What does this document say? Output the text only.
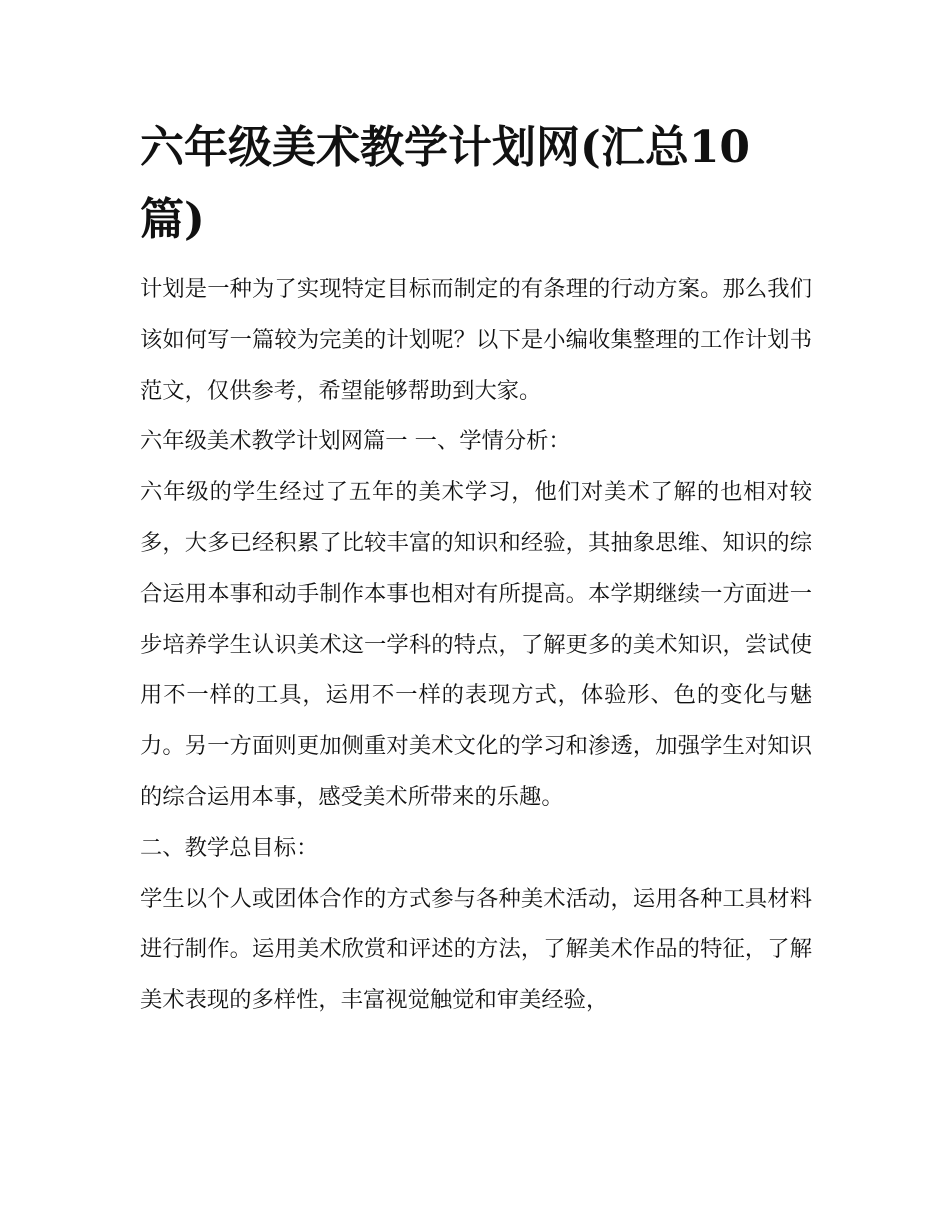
六年级美术教学计划网(汇总10篇)

计划是一种为了实现特定目标而制定的有条理的行动方案。那么我们该如何写一篇较为完美的计划呢？以下是小编收集整理的工作计划书范文，仅供参考，希望能够帮助到大家。

六年级美术教学计划网篇一 一、学情分析：

六年级的学生经过了五年的美术学习，他们对美术了解的也相对较多，大多已经积累了比较丰富的知识和经验，其抽象思维、知识的综合运用本事和动手制作本事也相对有所提高。本学期继续一方面进一步培养学生认识美术这一学科的特点，了解更多的美术知识，尝试使用不一样的工具，运用不一样的表现方式，体验形、色的变化与魅力。另一方面则更加侧重对美术文化的学习和渗透，加强学生对知识的综合运用本事，感受美术所带来的乐趣。

二、教学总目标：

学生以个人或团体合作的方式参与各种美术活动，运用各种工具材料进行制作。运用美术欣赏和评述的方法，了解美术作品的特征，了解美术表现的多样性，丰富视觉触觉和审美经验，
